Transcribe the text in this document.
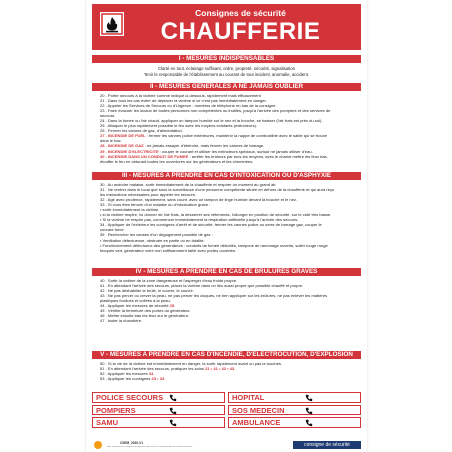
Consignes de sécurité
CHAUFFERIE
I - MESURES INDISPENSABLES
Clarté en tout, éclairage suffisant, ordre, propreté, sécurité, signalisation
Tenir le responsable de l'établissement au courant de tout incident, anomalie, accident.
II - MESURES GENERALES A NE JAMAIS OUBLIER
20 . Porter secours à la victime comme indiqué ci-dessous, rapidement mais efficacement
21 . Dans tous les cas éviter de déplacer la victime si ce n'est pas immédiatement en danger.
22 . Appeler les Services de Secours ou d'Urgence : numéros de téléphone en bas de la consigne.
23 . Faire évacuer les locaux de toutes personnes non compétentes ou inutiles, jusqu'à l'arrivée des pompiers et des services de
secours.
24 . Dans la fumée ou l'air chaud, appliquer un tampon humide sur le nez et la bouche, se baisser (l'air frais est près du sol).
25 . Attaquer le plus rapidement possible le feu avec les moyens existants (extincteurs).
26 . Fermer les vannes de gaz, d'alimentation.
27 . INCENDIE DE FUEL : fermer les vannes police extérieures, maintenir la nappe de combustible avec le sable qui se trouve
dans le bac.
28 . INCENDIE DE GAZ : ne jamais essayer d'éteindre, mais fermer les vannes de barrage.
29 . INCENDIE D'ELECTRICITE : couper le courant et utiliser les extincteurs spéciaux, surtout ne jamais utiliser d'eau.
30 . INCENDIE DANS UN CONDUIT DE FUMEE : arrêter les brûleurs par tous les moyens, avec le chariot mettre les feux bas,
étouffer le feu en obturant toutes les ouvertures sur les générateurs et les cheminées.
III - MESURES A PRENDRE EN CAS D'INTOXICATION OU D'ASPHYXIE
30 . Au moindre malaise, sortir immédiatement de la chaufferie et respirer un moment au grand air.
31 . Ne rentrer dans le local que sous la surveillance d'une personne compétente située en dehors de la chaufferie et qui aura reçu
les instructions nécessaires pour appeler les secours.
32 . Agir avec prudence, rapidement, sans courir, avec un tampon de linge humide devant la bouche et le nez.
33 . Si vous êtes témoin d'un malaise ou d'intoxication grave :
• sortir immédiatement la victime,
• si la victime respire, lui donner de l'air frais, la desserrer ses vêtements, l'allonger en position de sécurité, sur le côté très basse.
• Si la victime ne respire pas, commencer immédiatement la respiration artificielle jusqu'à l'arrivée des secours.
34 . Appliquer de l'extérieur les consignes d'arrêt et de sécurité, fermer les vannes police ou serre de barrage gaz, couper le
courant force.
35 . Rechercher les causes d'un dégagement possible de gaz :
• Ventilation défectueuse, obstruée en partie ou en totalité.
• Fonctionnement défectueux des générateurs : conduits de fumée déboîtés, tampons de ramonage ouverts, soliet rouge rouge
bloqués vert, générateur voire non suffisamment taillé avec portes ouvertes.
IV - MESURES A PRENDRE EN CAS DE BRÛLURES GRAVES
40 . Sortir la victime de la zone dangereuse et l'asperger d'eau froide propre.
41 . En attendant l'arrivée des secours, placer la victime dans un lieu aussi propre que possible chauffé et propre.
42 . Ne pas déshabiller le brûlé, le couvrir, le couvrir.
43 . Ne pas percer ou crever la peau, ne pas percer les cloques, ne rien appliquer sur les brûlures, ne pas enlever les matières
plastiques fondues et collées à la peau.
44 . Appliquer les mesures de sécurité 25.
45 . Vérifier la fermeture des portes du générateur.
46 . Mettre ensuite bas les feux sur le générateur.
47 . Isoler la chaudière.
V - MESURES A PRENDRE EN CAS D'INCENDIE, D'ELECTROCUTION, D'EXPLOSION
50 . Si la vie de la victime est immédiatement en danger, la sortir rapidement avant ou pas la touches.
51 . En attendant l'arrivée des secours, pratiquer les soins 21 • 41 • 42 • 43.
52 . Appliquer les mesures 34.
53 . Appliquer les consignes 23 • 33.
POLICE SECOURS	HOPITAL
POMPIERS	SOS MEDECIN
SAMU	AMBULANCE
CSEM_2020-V1
Toute reproduction, intégrale ou partielle, faite sans le consentement de l'auteur est illicite	consigne de sécurité
